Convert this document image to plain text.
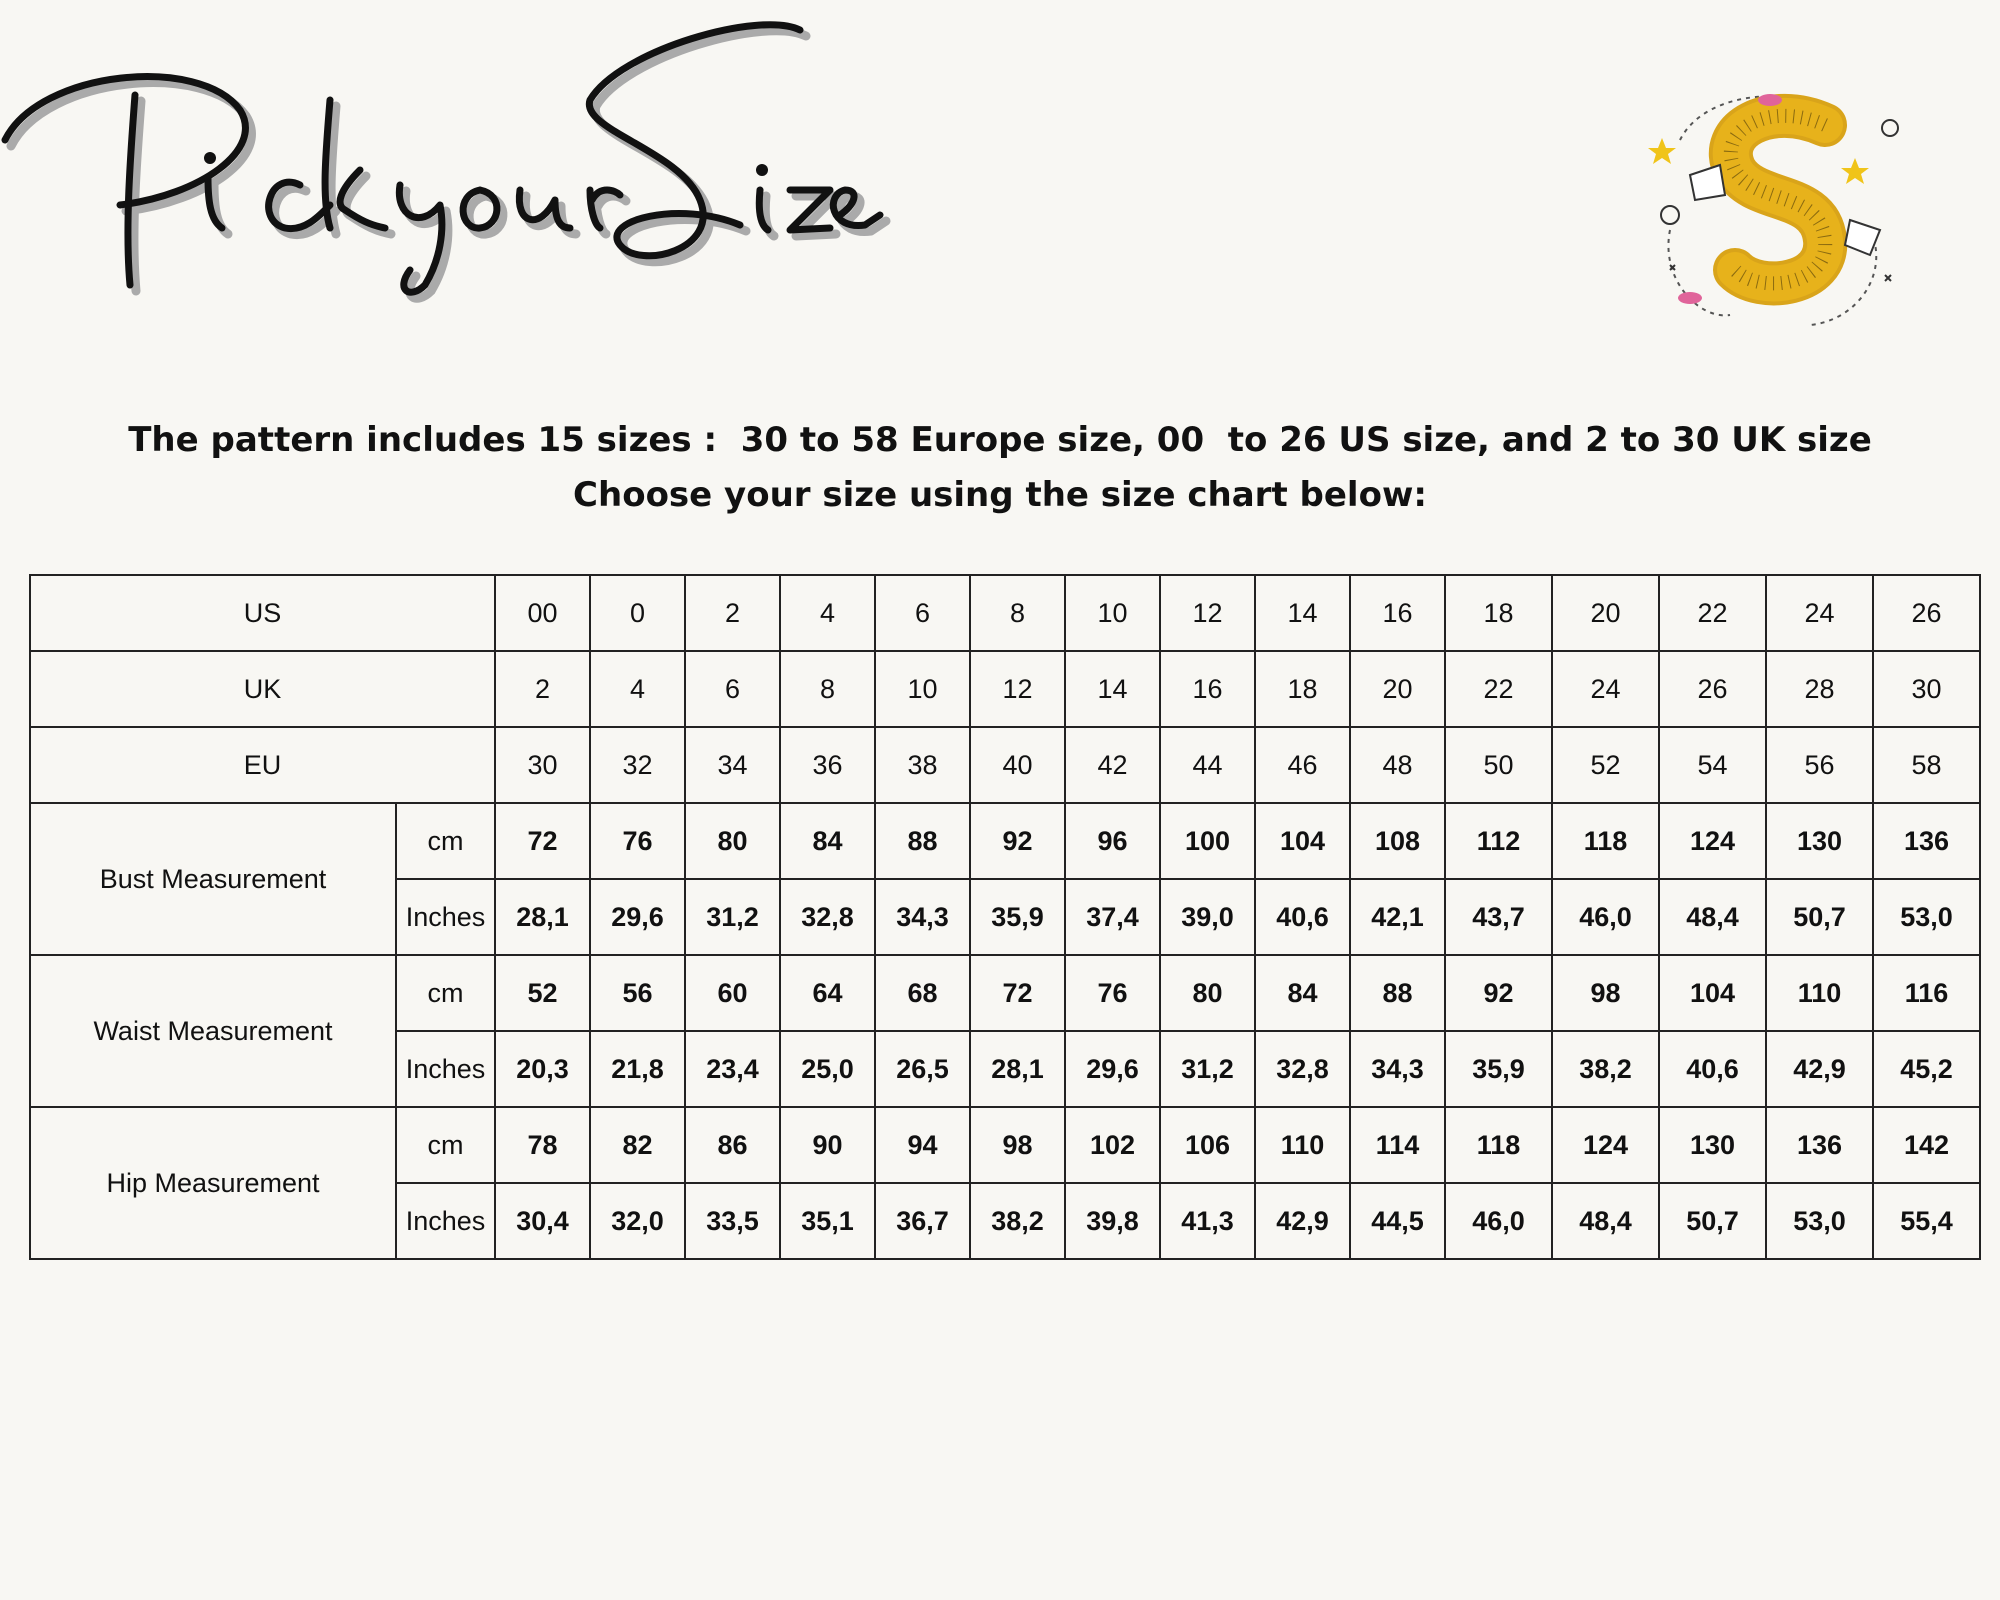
The pattern includes 15 sizes :  30 to 58 Europe size, 00  to 26 US size, and 2 to 30 UK size
Choose your size using the size chart below:
US		00	0	2	4	6	8	10	12	14	16	18	20	22	24	26
UK		2	4	6	8	10	12	14	16	18	20	22	24	26	28	30
EU		30	32	34	36	38	40	42	44	46	48	50	52	54	56	58
Bust Measurement	cm	72	76	80	84	88	92	96	100	104	108	112	118	124	130	136
	Inches	28,1	29,6	31,2	32,8	34,3	35,9	37,4	39,0	40,6	42,1	43,7	46,0	48,4	50,7	53,0
Waist Measurement	cm	52	56	60	64	68	72	76	80	84	88	92	98	104	110	116
	Inches	20,3	21,8	23,4	25,0	26,5	28,1	29,6	31,2	32,8	34,3	35,9	38,2	40,6	42,9	45,2
Hip Measurement	cm	78	82	86	90	94	98	102	106	110	114	118	124	130	136	142
	Inches	30,4	32,0	33,5	35,1	36,7	38,2	39,8	41,3	42,9	44,5	46,0	48,4	50,7	53,0	55,4
